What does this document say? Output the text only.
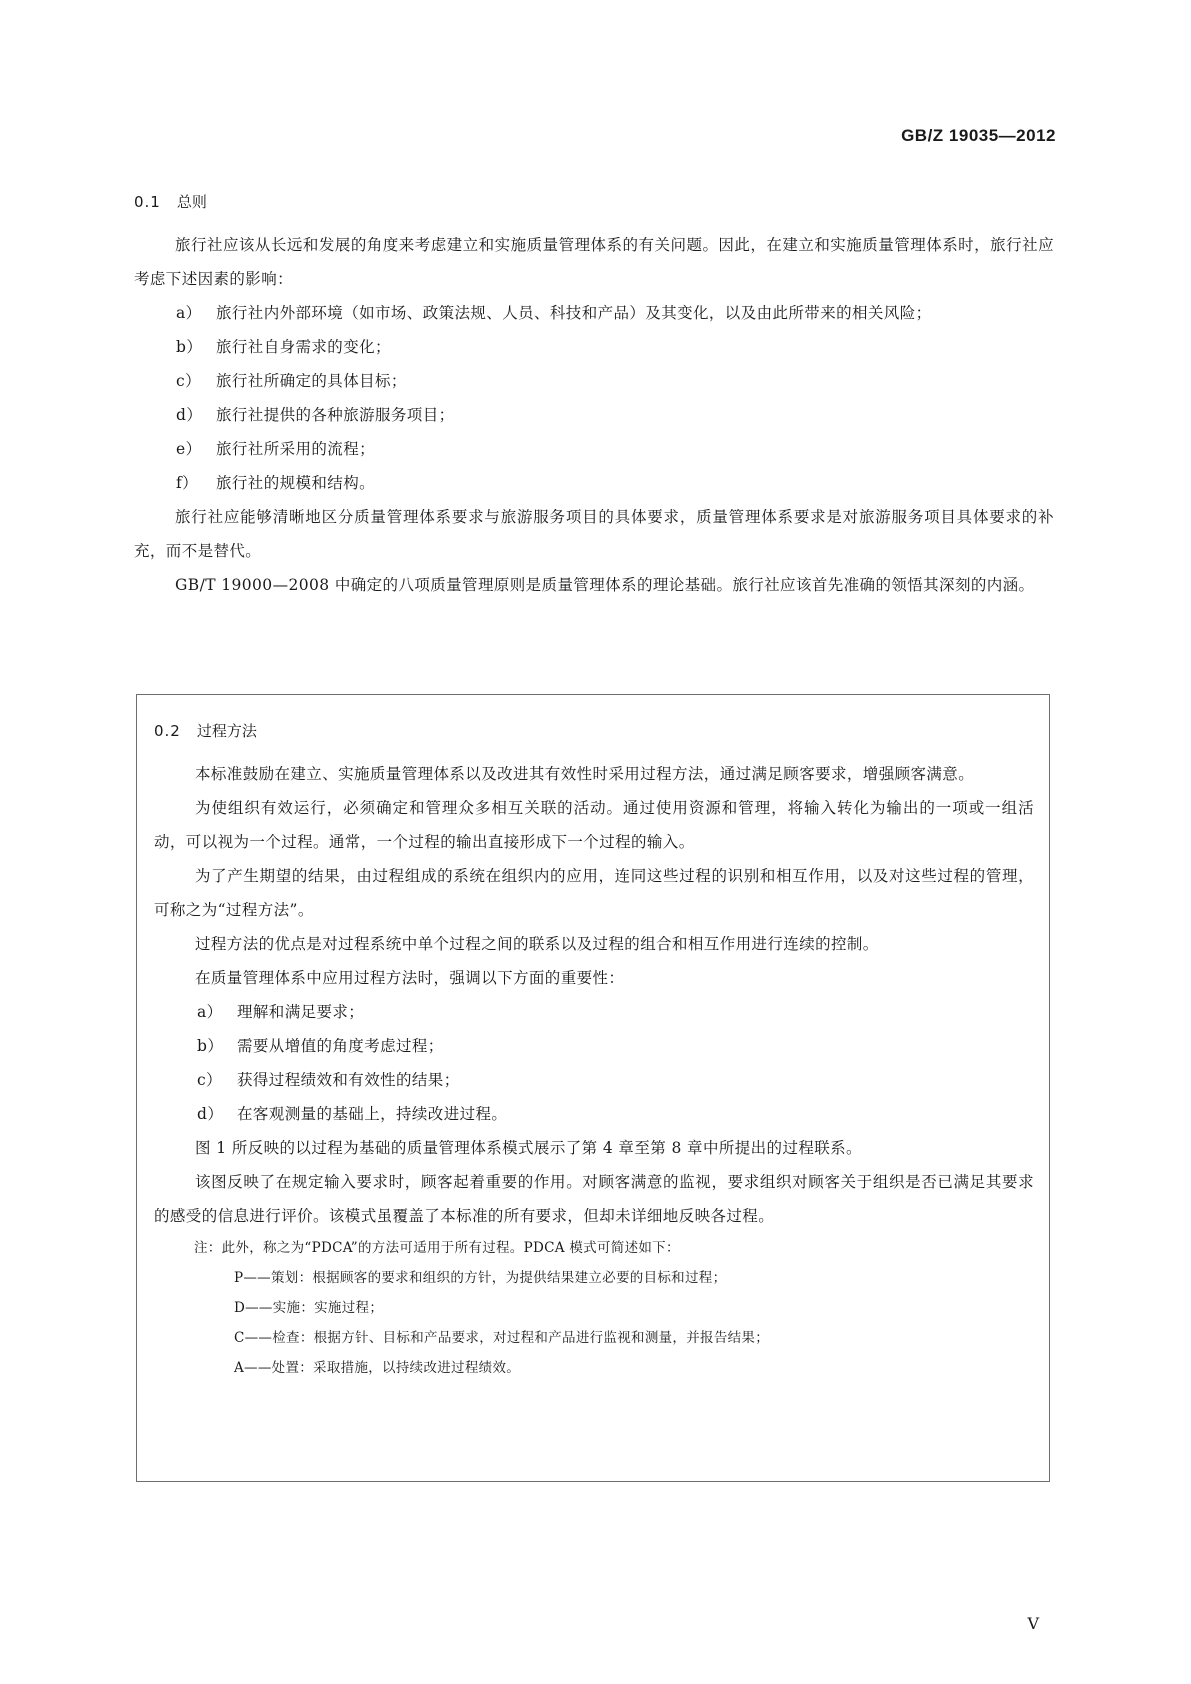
GB/Z 19035—2012
0.1 总则

旅行社应该从长远和发展的角度来考虑建立和实施质量管理体系的有关问题。因此，在建立和实施质量管理体系时，旅行社应考虑下述因素的影响：

a） 旅行社内外部环境（如市场、政策法规、人员、科技和产品）及其变化，以及由此所带来的相关风险；
b） 旅行社自身需求的变化；
c） 旅行社所确定的具体目标；
d） 旅行社提供的各种旅游服务项目；
e） 旅行社所采用的流程；
f）	旅行社的规模和结构。

旅行社应能够清晰地区分质量管理体系要求与旅游服务项目的具体要求，质量管理体系要求是对旅游服务项目具体要求的补充，而不是替代。

GB/T 19000—2008 中确定的八项质量管理原则是质量管理体系的理论基础。旅行社应该首先准确的领悟其深刻的内涵。

0.2 过程方法

本标准鼓励在建立、实施质量管理体系以及改进其有效性时采用过程方法，通过满足顾客要求，增强顾客满意。

为使组织有效运行，必须确定和管理众多相互关联的活动。通过使用资源和管理，将输入转化为输出的一项或一组活动，可以视为一个过程。通常，一个过程的输出直接形成下一个过程的输入。

为了产生期望的结果，由过程组成的系统在组织内的应用，连同这些过程的识别和相互作用，以及对这些过程的管理，可称之为“过程方法”。

过程方法的优点是对过程系统中单个过程之间的联系以及过程的组合和相互作用进行连续的控制。

在质量管理体系中应用过程方法时，强调以下方面的重要性：

a） 理解和满足要求；
b） 需要从增值的角度考虑过程；
c） 获得过程绩效和有效性的结果；
d） 在客观测量的基础上，持续改进过程。

图 1 所反映的以过程为基础的质量管理体系模式展示了第 4 章至第 8 章中所提出的过程联系。

该图反映了在规定输入要求时，顾客起着重要的作用。对顾客满意的监视，要求组织对顾客关于组织是否已满足其要求的感受的信息进行评价。该模式虽覆盖了本标准的所有要求，但却未详细地反映各过程。

注：此外，称之为“PDCA”的方法可适用于所有过程。PDCA 模式可简述如下：
P——策划：根据顾客的要求和组织的方针，为提供结果建立必要的目标和过程；
D——实施：实施过程；
C——检查：根据方针、目标和产品要求，对过程和产品进行监视和测量，并报告结果；
A——处置：采取措施，以持续改进过程绩效。
V
